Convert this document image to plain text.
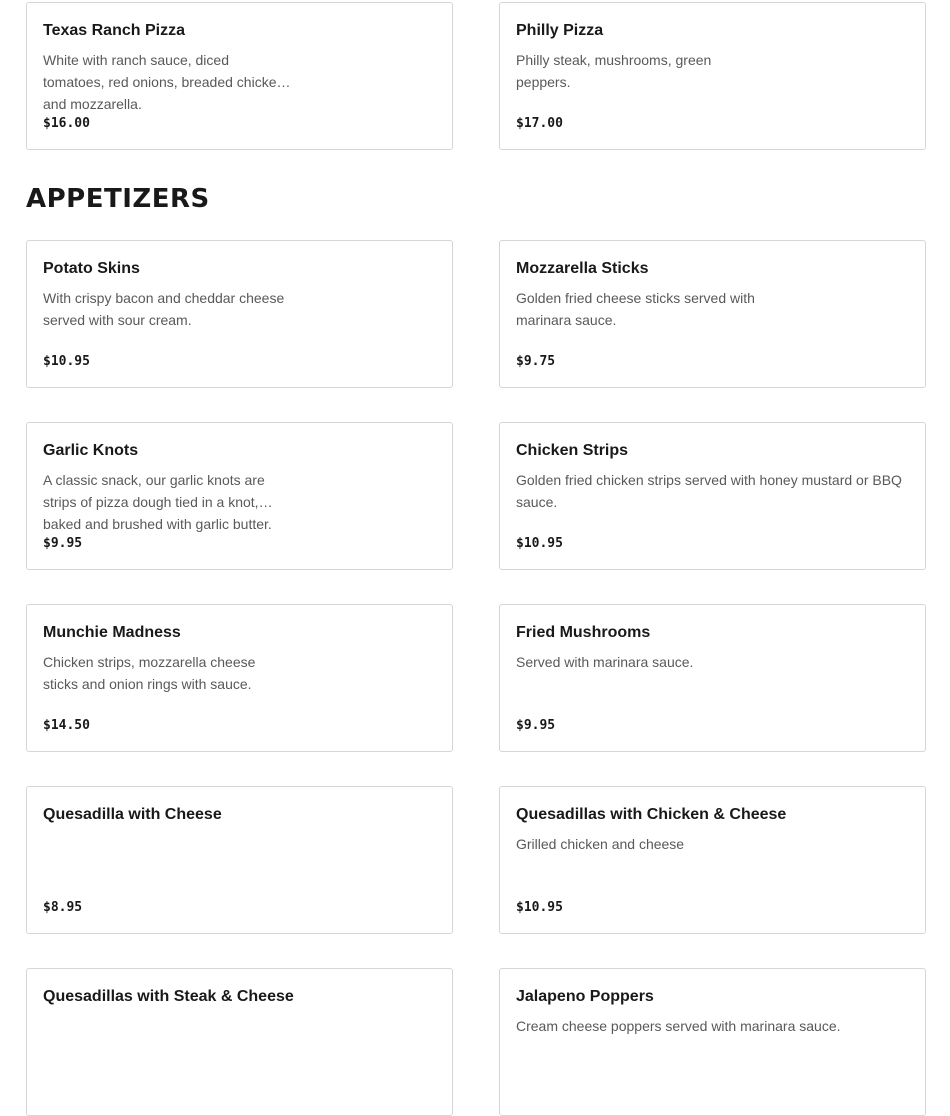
Texas Ranch Pizza
White with ranch sauce, diced tomatoes, red onions, breaded chicken and mozzarella.
$16.00
Philly Pizza
Philly steak, mushrooms, green peppers.
$17.00
APPETIZERS
Potato Skins
With crispy bacon and cheddar cheese served with sour cream.
$10.95
Mozzarella Sticks
Golden fried cheese sticks served with marinara sauce.
$9.75
Garlic Knots
A classic snack, our garlic knots are strips of pizza dough tied in a knot, baked and brushed with garlic butter.
$9.95
Chicken Strips
Golden fried chicken strips served with honey mustard or BBQ sauce.
$10.95
Munchie Madness
Chicken strips, mozzarella cheese sticks and onion rings with sauce.
$14.50
Fried Mushrooms
Served with marinara sauce.
$9.95
Quesadilla with Cheese
$8.95
Quesadillas with Chicken & Cheese
Grilled chicken and cheese
$10.95
Quesadillas with Steak & Cheese	Jalapeno Poppers
Cream cheese poppers served with marinara sauce.
